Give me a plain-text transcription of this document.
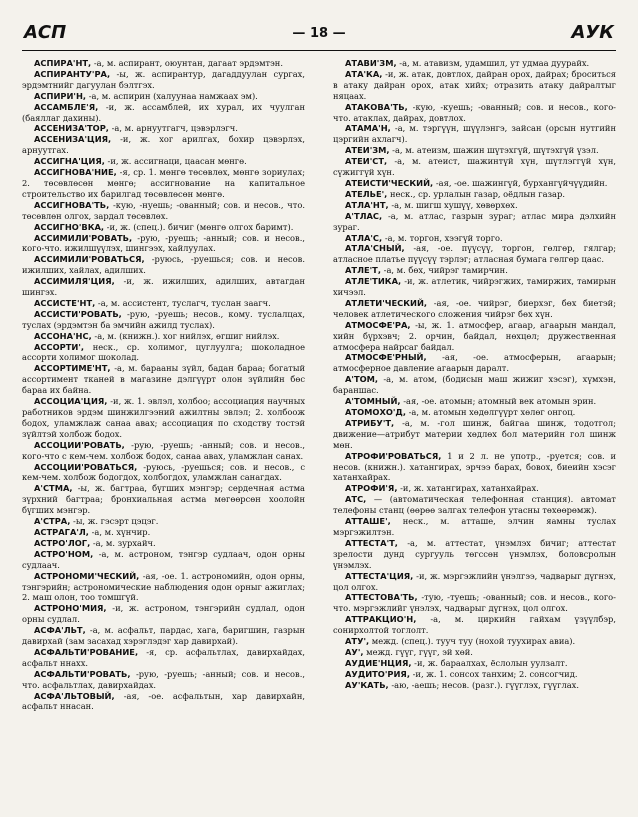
АСП	— 18 —	АУК
АСПИРА'НТ, -а, м. аспирант, оюунтан, дагаат эрдэмтэн.
АСПИРАНТУ'РА, -ы, ж. аспирантур, дагаддуулан сургах, эрдэмтнийг дагуулан бэлтгэх.
АСПИРИ'Н, -а, м. аспирин (халуунаа намжаах эм).
АССАМБЛЕ'Я, -и, ж. ассамблей, их хурал, их чуулган (баяллаг дахины).
АССЕНИЗА'ТОР, -а, м. арнуутгагч, цэвэрлэгч.
АССЕНИЗА'ЦИЯ, -и, ж. хог арилгах, бохир цэвэрлэх, арнуутгах.
АССИГНА'ЦИЯ, -и, ж. ассигнаци, цаасан мөнгө.
АССИГНОВА'НИЕ, -я, ср. 1. мөнгө төсөвлөх, мөнгө зориулах; 2. төсөвлөсөн мөнгө; ассигнование на капитальное строительство их барилгад төсөвлөсөн мөнгө.
АССИГНОВА'ТЬ, -кую, -нуешь; -ованный; сов. и несов., что. төсөвлөн олгох, зардал төсөвлөх.
АССИГНО'ВКА, -и, ж. (спец.). бичиг (мөнгө олгох баримт).
АССИМИЛИ'РОВАТЬ, -рую, -руешь; -анный; сов. и несов., кого-что. ижилшүүлэх, шингээх, хайлуулах.
АССИМИЛИ'РОВАТЬСЯ, -руюсь, -руешься; сов. и несов. ижилших, хайлах, адилших.
АССИМИЛЯ'ЦИЯ, -и, ж. ижилших, адилших, автагдан шингэх.
АССИСТЕ'НТ, -а, м. ассистент, туслагч, туслан заагч.
АССИСТИ'РОВАТЬ, -рую, -руешь; несов., кому. туслалцах, туслах (эрдэмтэн ба эмчийн ажилд туслах).
АССОНА'НС, -а, м. (книжн.). хог нийлэх, өгшиг нийлэх.
АССОРТИ', неск., ср. холимог, цуглуулга; шоколадное ассорти холимог шоколад.
АССОРТИМЕ'НТ, -а, м. барааны зүйл, бадан бараа; богатый ассортимент тканей в магазине дэлгүүрт олон зүйлийн бөс бараа их байна.
АССОЦИА'ЦИЯ, -и, ж. 1. эвлэл, холбоо; ассоциация научных работников эрдэм шинжилгээний ажилтны эвлэл; 2. холбоож бодох, уламжлаж санаа авах; ассоциация по сходству тостэй зүйлтэй холбож бодох.
АССОЦИИ'РОВАТЬ, -рую, -руешь; -анный; сов. и несов., кого-что с кем-чем. холбож бодох, санаа авах, уламжлан санах.
АССОЦИИ'РОВАТЬСЯ, -руюсь, -руешься; сов. и несов., с кем-чем. холбож бодогдох, холбогдох, уламжлан санагдах.
А'СТМА, -ы, ж. багтраа, бүгших мэнгэр; сердечная астма зүрхний багтраа; бронхиальная астма мөгөөрсөн хоолойн бүгших мэнгэр.
А'СТРА, -ы, ж. гэсэрт цэцэг.
АСТРАГА'Л, -а, м. хүнчир.
АСТРО'ЛОГ, -а, м. зурхайч.
АСТРО'НОМ, -а, м. астроном, тэнгэр судлаач, одон орны судлаач.
АСТРОНОМИ'ЧЕСКИЙ, -ая, -ое. 1. астрономийн, одон орны, тэнгэрийн; астрономические наблюдения одон орныг ажиглах; 2. маш олон, тоо томшгүй.
АСТРОНО'МИЯ, -и, ж. астроном, тэнгэрийн судлал, одон орны судлал.
АСФА'ЛЬТ, -а, м. асфальт, пардас, хага, баригшин, газрын давирхай (зам засахад хэрэглэдэг хар давирхай).
АСФАЛЬТИ'РОВАНИЕ, -я, ср. асфальтлах, давирхайдах, асфальт ннахх.
АСФАЛЬТИ'РОВАТЬ, -рую, -руешь; -анный; сов. и несов., что. асфальтлах, давирхайдах.
АСФА'ЛЬТОВЫЙ, -ая, -ое. асфальтын, хар давирхайн, асфальт ннасан.
АТАВИ'ЗМ, -а, м. атавизм, удамшил, ут удмаа дуурайх.
АТА'КА, -и, ж. атак, довтлох, дайран орох, дайрах; броситься в атаку дайран орох, атак хийх; отразить атаку дайралтыг няцаах.
АТАКОВА'ТЬ, -кую, -куешь; -ованный; сов. и несов., кого-что. атаклах, дайрах, довтлох.
АТАМА'Н, -а, м. тэргүүн, шүүлэнгэ, зайсан (орсын нутгийн цэргийн ахлагч).
АТЕИ'ЗМ, -а, м. атеизм, шажин шүтэхгүй, шүтэхгүй үзэл.
АТЕИ'СТ, -а, м. атеист, шажинтүй хүн, шүтлэггүй хүн, сүжиггүй хүн.
АТЕИСТИ'ЧЕСКИЙ, -ая, -ое. шажингүй, бурхангүйчүүдийн.
АТЕЛЬЕ', неск., ср. урлалын газар, оёдлын газар.
АТЛА'НТ, -а, м. шигш хушүү, хөвөрхөх.
А'ТЛАС, -а, м. атлас, газрын зураг; атлас мира дэлхийн зураг.
АТЛА'С, -а, м. торгон, хээгүй торго.
АТЛА'СНЫЙ, -ая, -ое. пүүсүү, торгон, гөлгөр, гялгар; атласное платье пүүсүү тэрлэг; атласная бумага гөлгөр цаас.
АТЛЕ'Т, -а, м. бөх, чийрэг тамирчин.
АТЛЕ'ТИКА, -и, ж. атлетик, чийрэгжих, тамиржих, тамирын хичээл.
АТЛЕТИ'ЧЕСКИЙ, -ая, -ое. чийрэг, биерхэг, бөх биетэй; человек атлетического сложения чийрэг бөх хүн.
АТМОСФЕ'РА, -ы, ж. 1. атмосфер, агаар, агаарын мандал, хийн бүрхэвч; 2. орчин, байдал, нөхцөл; дружественная атмосфера найрсаг байдал.
АТМОСФЕ'РНЫЙ, -ая, -ое. атмосферын, агаарын; атмосферное давление агаарын даралт.
А'ТОМ, -а, м. атом, (бодисын маш жижиг хэсэг), хүмхэн, бараншас.
А'ТОМНЫЙ, -ая, -ое. атомын; атомный век атомын эрин.
АТОМОХО'Д, -а, м. атомын хөдөлгүүрт хөлөг онгоц.
АТРИБУ'Т, -а, м. -гол шинж, байгаа шинж, тодотгол; движение—атрибут материи хөдлөх бол материйн гол шинж мөн.
АТРОФИ'РОВАТЬСЯ, 1 и 2 л. не употр., -руется; сов. и несов. (книжн.). хатангирах, эрчээ барах, бовох, биеийн хэсэг хатанхайрах.
АТРОФИ'Я, -и, ж. хатангирах, хатанхайрах.
АТС, — (автоматическая телефонная станция). автомат телефоны станц (өөрөө залгах телефон утасны төхөөрөмж).
АТТАШЕ', неск., м. атташе, элчин яамны туслах мэргэжилтэн.
АТТЕСТА'Т, -а, м. аттестат, үнэмлэх бичиг; аттестат зрелости дунд сургууль төгссөн үнэмлэх, боловсролын үнэмлэх.
АТТЕСТА'ЦИЯ, -и, ж. мэргэжлийн үнэлгээ, чадварыг дүгнэх, цол олгох.
АТТЕСТОВА'ТЬ, -тую, -туешь; -ованный; сов. и несов., кого-что. мэргэжлийг үнэлэх, чадварыг дүгнэх, цол олгох.
АТТРАКЦИО'Н, -а, м. циркийн гайхам үзүүлбэр, сонирхолтой тоглолт.
АТУ', межд. (спец.). тууч туу (нохой туухирах авиа).
АУ', межд. гүүг, гүүг, эй хөй.
АУДИЕ'НЦИЯ, -и, ж. бараалхах, ёслолын уулзалт.
АУДИТО'РИЯ, -и, ж. 1. сонсох танхим; 2. сонсогчид.
АУ'КАТЬ, -аю, -аешь; несов. (разг.). гүүглэх, гүүглах.
